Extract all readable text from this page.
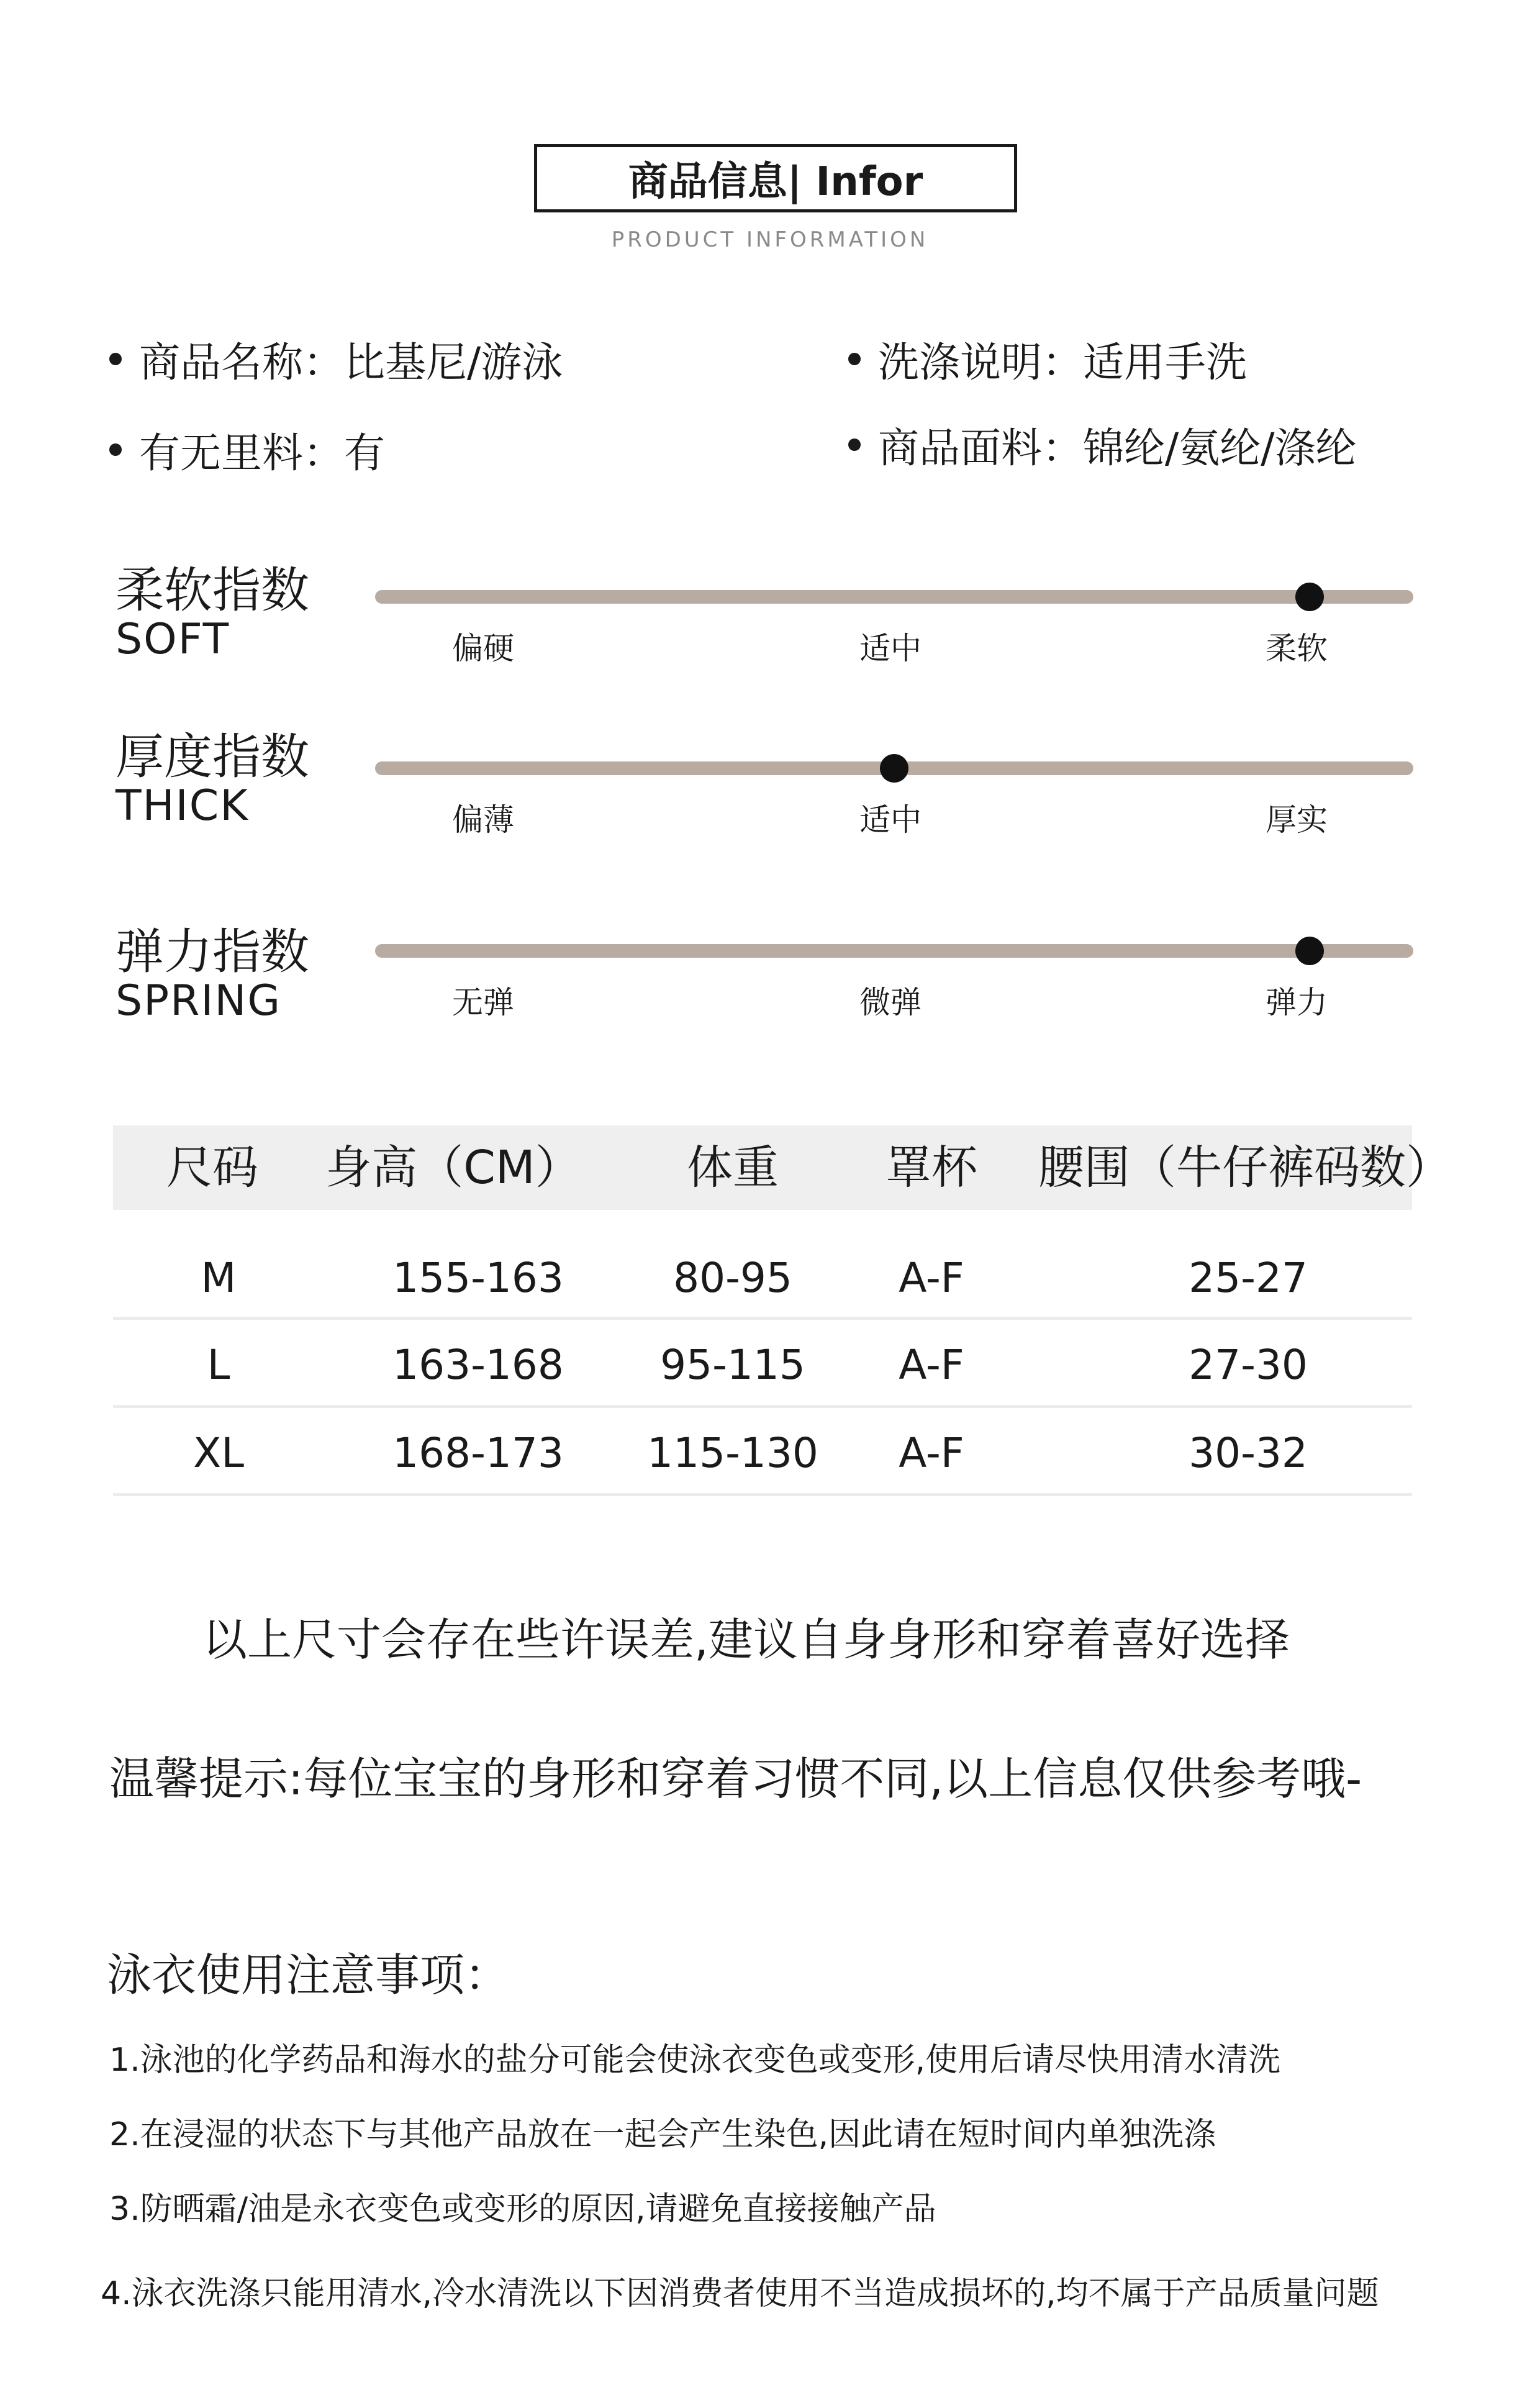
商品信息| Infor
PRODUCT INFORMATION
商品名称：比基尼/游泳	洗涤说明：适用手洗
有无里料：有	商品面料：锦纶/氨纶/涤纶
柔软指数
SOFT	偏硬	适中	柔软
厚度指数
THICK	偏薄	适中	厚实
弹力指数
SPRING	无弹	微弹	弹力
尺码	身高（CM）	体重	罩杯	腰围（牛仔裤码数）
M	155-163	80-95	A-F	25-27
L	163-168	95-115	A-F	27-30
XL	168-173	115-130	A-F	30-32
以上尺寸会存在些许误差,建议自身身形和穿着喜好选择
温馨提示:每位宝宝的身形和穿着习惯不同,以上信息仅供参考哦-
泳衣使用注意事项：
1.泳池的化学药品和海水的盐分可能会使泳衣变色或变形,使用后请尽快用清水清洗
2.在浸湿的状态下与其他产品放在一起会产生染色,因此请在短时间内单独洗涤
3.防晒霜/油是永衣变色或变形的原因,请避免直接接触产品
4.泳衣洗涤只能用清水,冷水清洗以下因消费者使用不当造成损坏的,均不属于产品质量问题
